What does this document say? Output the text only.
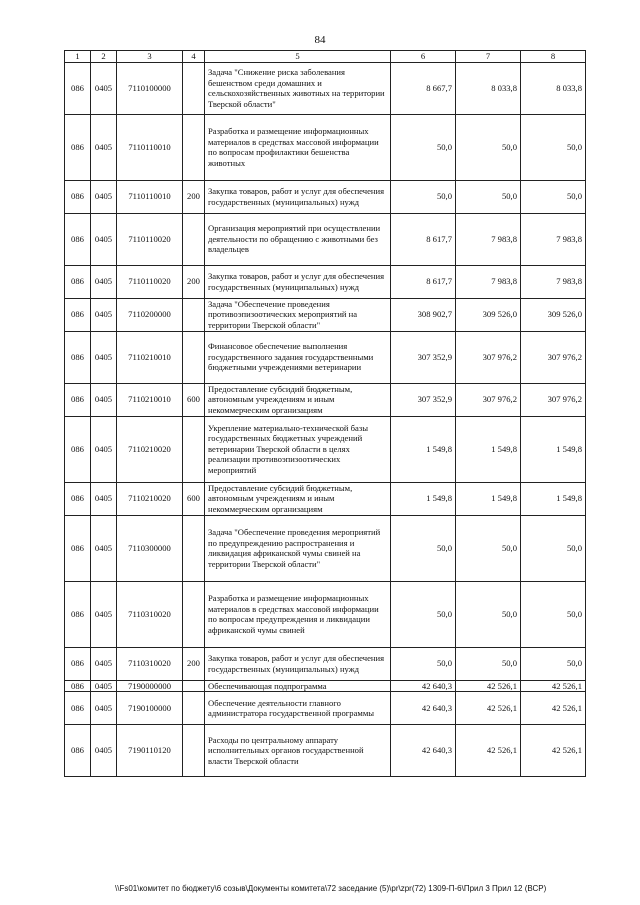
84
1	2	3	4	5	6	7	8
086	0405	7110100000		Задача "Снижение риска заболевания бешенством среди домашних и сельскохозяйственных животных на территории Тверской области"	8 667,7	8 033,8	8 033,8
086	0405	7110110010		Разработка и размещение информационных материалов в средствах массовой информации по вопросам профилактики бешенства животных	50,0	50,0	50,0
086	0405	7110110010	200	Закупка товаров, работ и услуг для обеспечения государственных (муниципальных) нужд	50,0	50,0	50,0
086	0405	7110110020		Организация мероприятий при осуществлении деятельности по обращению с животными без владельцев	8 617,7	7 983,8	7 983,8
086	0405	7110110020	200	Закупка товаров, работ и услуг для обеспечения государственных (муниципальных) нужд	8 617,7	7 983,8	7 983,8
086	0405	7110200000		Задача "Обеспечение проведения противоэпизоотических мероприятий на территории Тверской области"	308 902,7	309 526,0	309 526,0
086	0405	7110210010		Финансовое обеспечение выполнения государственного задания государственными бюджетными учреждениями ветеринарии	307 352,9	307 976,2	307 976,2
086	0405	7110210010	600	Предоставление субсидий бюджетным, автономным учреждениям и иным некоммерческим организациям	307 352,9	307 976,2	307 976,2
086	0405	7110210020		Укрепление материально-технической базы государственных бюджетных учреждений ветеринарии Тверской области в целях реализации противоэпизоотических мероприятий	1 549,8	1 549,8	1 549,8
086	0405	7110210020	600	Предоставление субсидий бюджетным, автономным учреждениям и иным некоммерческим организациям	1 549,8	1 549,8	1 549,8
086	0405	7110300000		Задача "Обеспечение проведения мероприятий по предупреждению распространения и ликвидация африканской чумы свиней на территории Тверской области"	50,0	50,0	50,0
086	0405	7110310020		Разработка и размещение информационных материалов в средствах массовой информации по вопросам предупреждения и ликвидации африканской чумы свиней	50,0	50,0	50,0
086	0405	7110310020	200	Закупка товаров, работ и услуг для обеспечения государственных (муниципальных) нужд	50,0	50,0	50,0
086	0405	7190000000		Обеспечивающая подпрограмма	42 640,3	42 526,1	42 526,1
086	0405	7190100000		Обеспечение деятельности главного администратора государственной программы	42 640,3	42 526,1	42 526,1
086	0405	7190110120		Расходы по центральному аппарату исполнительных органов государственной власти Тверской области	42 640,3	42 526,1	42 526,1
\\Fs01\комитет по бюджету\6 созыв\Документы комитета\72 заседание (5)\pr\zpr(72) 1309-П-6\Прил 3 Прил 12 (ВСР)
